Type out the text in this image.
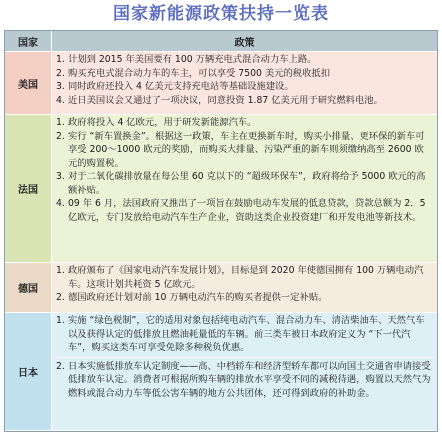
国家新能源政策扶持一览表
国家	政策
美国
1. 计划到 2015 年美国要有 100 万辆充电式混合动力车上路。
2. 购买充电式混合动力车的车主，可以享受 7500 美元的税收抵扣
3. 同时政府还投入 4 亿美元支持充电站等基础设施建设。
4. 近日美国议会又通过了一项决议，同意投资 1.87 亿美元用于研究燃料电池。
法国
1. 政府将投入 4 亿欧元，用于研发新能源汽车。
2. 实行 “新车置换金”。根据这一政策，车主在更换新车时，购买小排量、更环保的新车可享受 200～1000 欧元的奖励，而购买大排量、污染严重的新车则须缴纳高至 2600 欧元的购置税。
3. 对于二氧化碳排放量在每公里 60 克以下的 “超级环保车”，政府将给予 5000 欧元的高额补贴。
4. 09 年 6 月，法国政府又推出了一项旨在鼓励电动车发展的低息贷款，贷款总额为 2．5 亿欧元，专门发放给电动汽车生产企业，资助这类企业投资建厂和开发电池等新技术。
德国
1. 政府颁布了《国家电动汽车发展计划》，目标是到 2020 年使德国拥有 100 万辆电动汽车。这项计划共耗资 5 亿欧元。
2. 德国政府还计划对前 10 万辆电动汽车的购买者提供一定补贴。
日本
1. 实施 “绿色税制”，它的适用对象包括纯电动汽车、混合动力车、清洁柴油车、天然气车以及获得认定的低排放且燃油耗量低的车辆。前三类车被日本政府定义为 “下一代汽车”，购买这类车可享受免除多种税负优惠。
2. 日本实施低排放车认定制度——高、中档轿车和经济型轿车都可以向国土交通省申请接受低排放车认定。消费者可根据所购车辆的排放水平享受不同的减税待遇，购置以天然气为燃料或混合动力车等低公害车辆的地方公共团体，还可得到政府的补助金。
